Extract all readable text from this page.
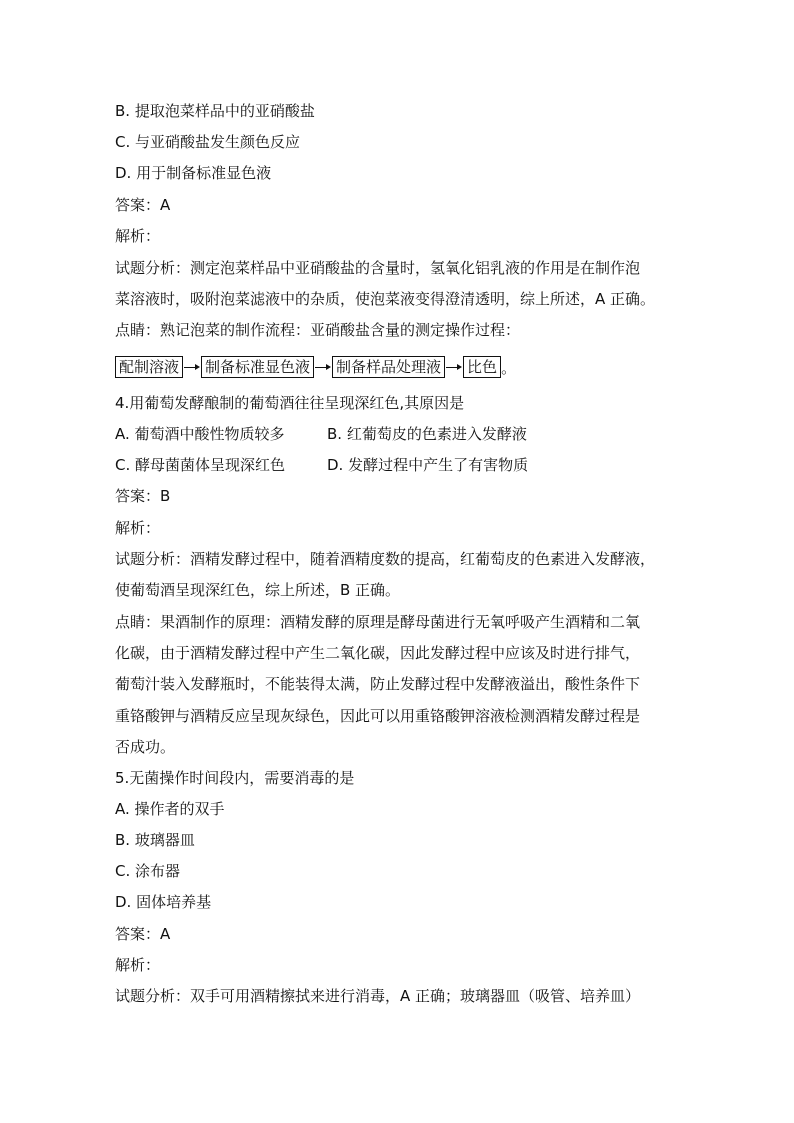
B. 提取泡菜样品中的亚硝酸盐
C. 与亚硝酸盐发生颜色反应
D. 用于制备标准显色液
答案：A
解析：
试题分析：测定泡菜样品中亚硝酸盐的含量时，氢氧化铝乳液的作用是在制作泡
菜溶液时，吸附泡菜滤液中的杂质，使泡菜液变得澄清透明，综上所述，A 正确。
点睛：熟记泡菜的制作流程：亚硝酸盐含量的测定操作过程：
配制溶液 制备标准显色液 制备样品处理液 比色 。
4.用葡萄发酵酿制的葡萄酒往往呈现深红色,其原因是
A. 葡萄酒中酸性物质较多	B. 红葡萄皮的色素进入发酵液
C. 酵母菌菌体呈现深红色	D. 发酵过程中产生了有害物质
答案：B
解析：
试题分析：酒精发酵过程中，随着酒精度数的提高，红葡萄皮的色素进入发酵液，
使葡萄酒呈现深红色，综上所述，B 正确。
点睛：果酒制作的原理：酒精发酵的原理是酵母菌进行无氧呼吸产生酒精和二氧
化碳，由于酒精发酵过程中产生二氧化碳，因此发酵过程中应该及时进行排气，
葡萄汁装入发酵瓶时，不能装得太满，防止发酵过程中发酵液溢出，酸性条件下
重铬酸钾与酒精反应呈现灰绿色，因此可以用重铬酸钾溶液检测酒精发酵过程是
否成功。
5.无菌操作时间段内，需要消毒的是
A. 操作者的双手
B. 玻璃器皿
C. 涂布器
D. 固体培养基
答案：A
解析：
试题分析：双手可用酒精擦拭来进行消毒，A 正确；玻璃器皿（吸管、培养皿）
